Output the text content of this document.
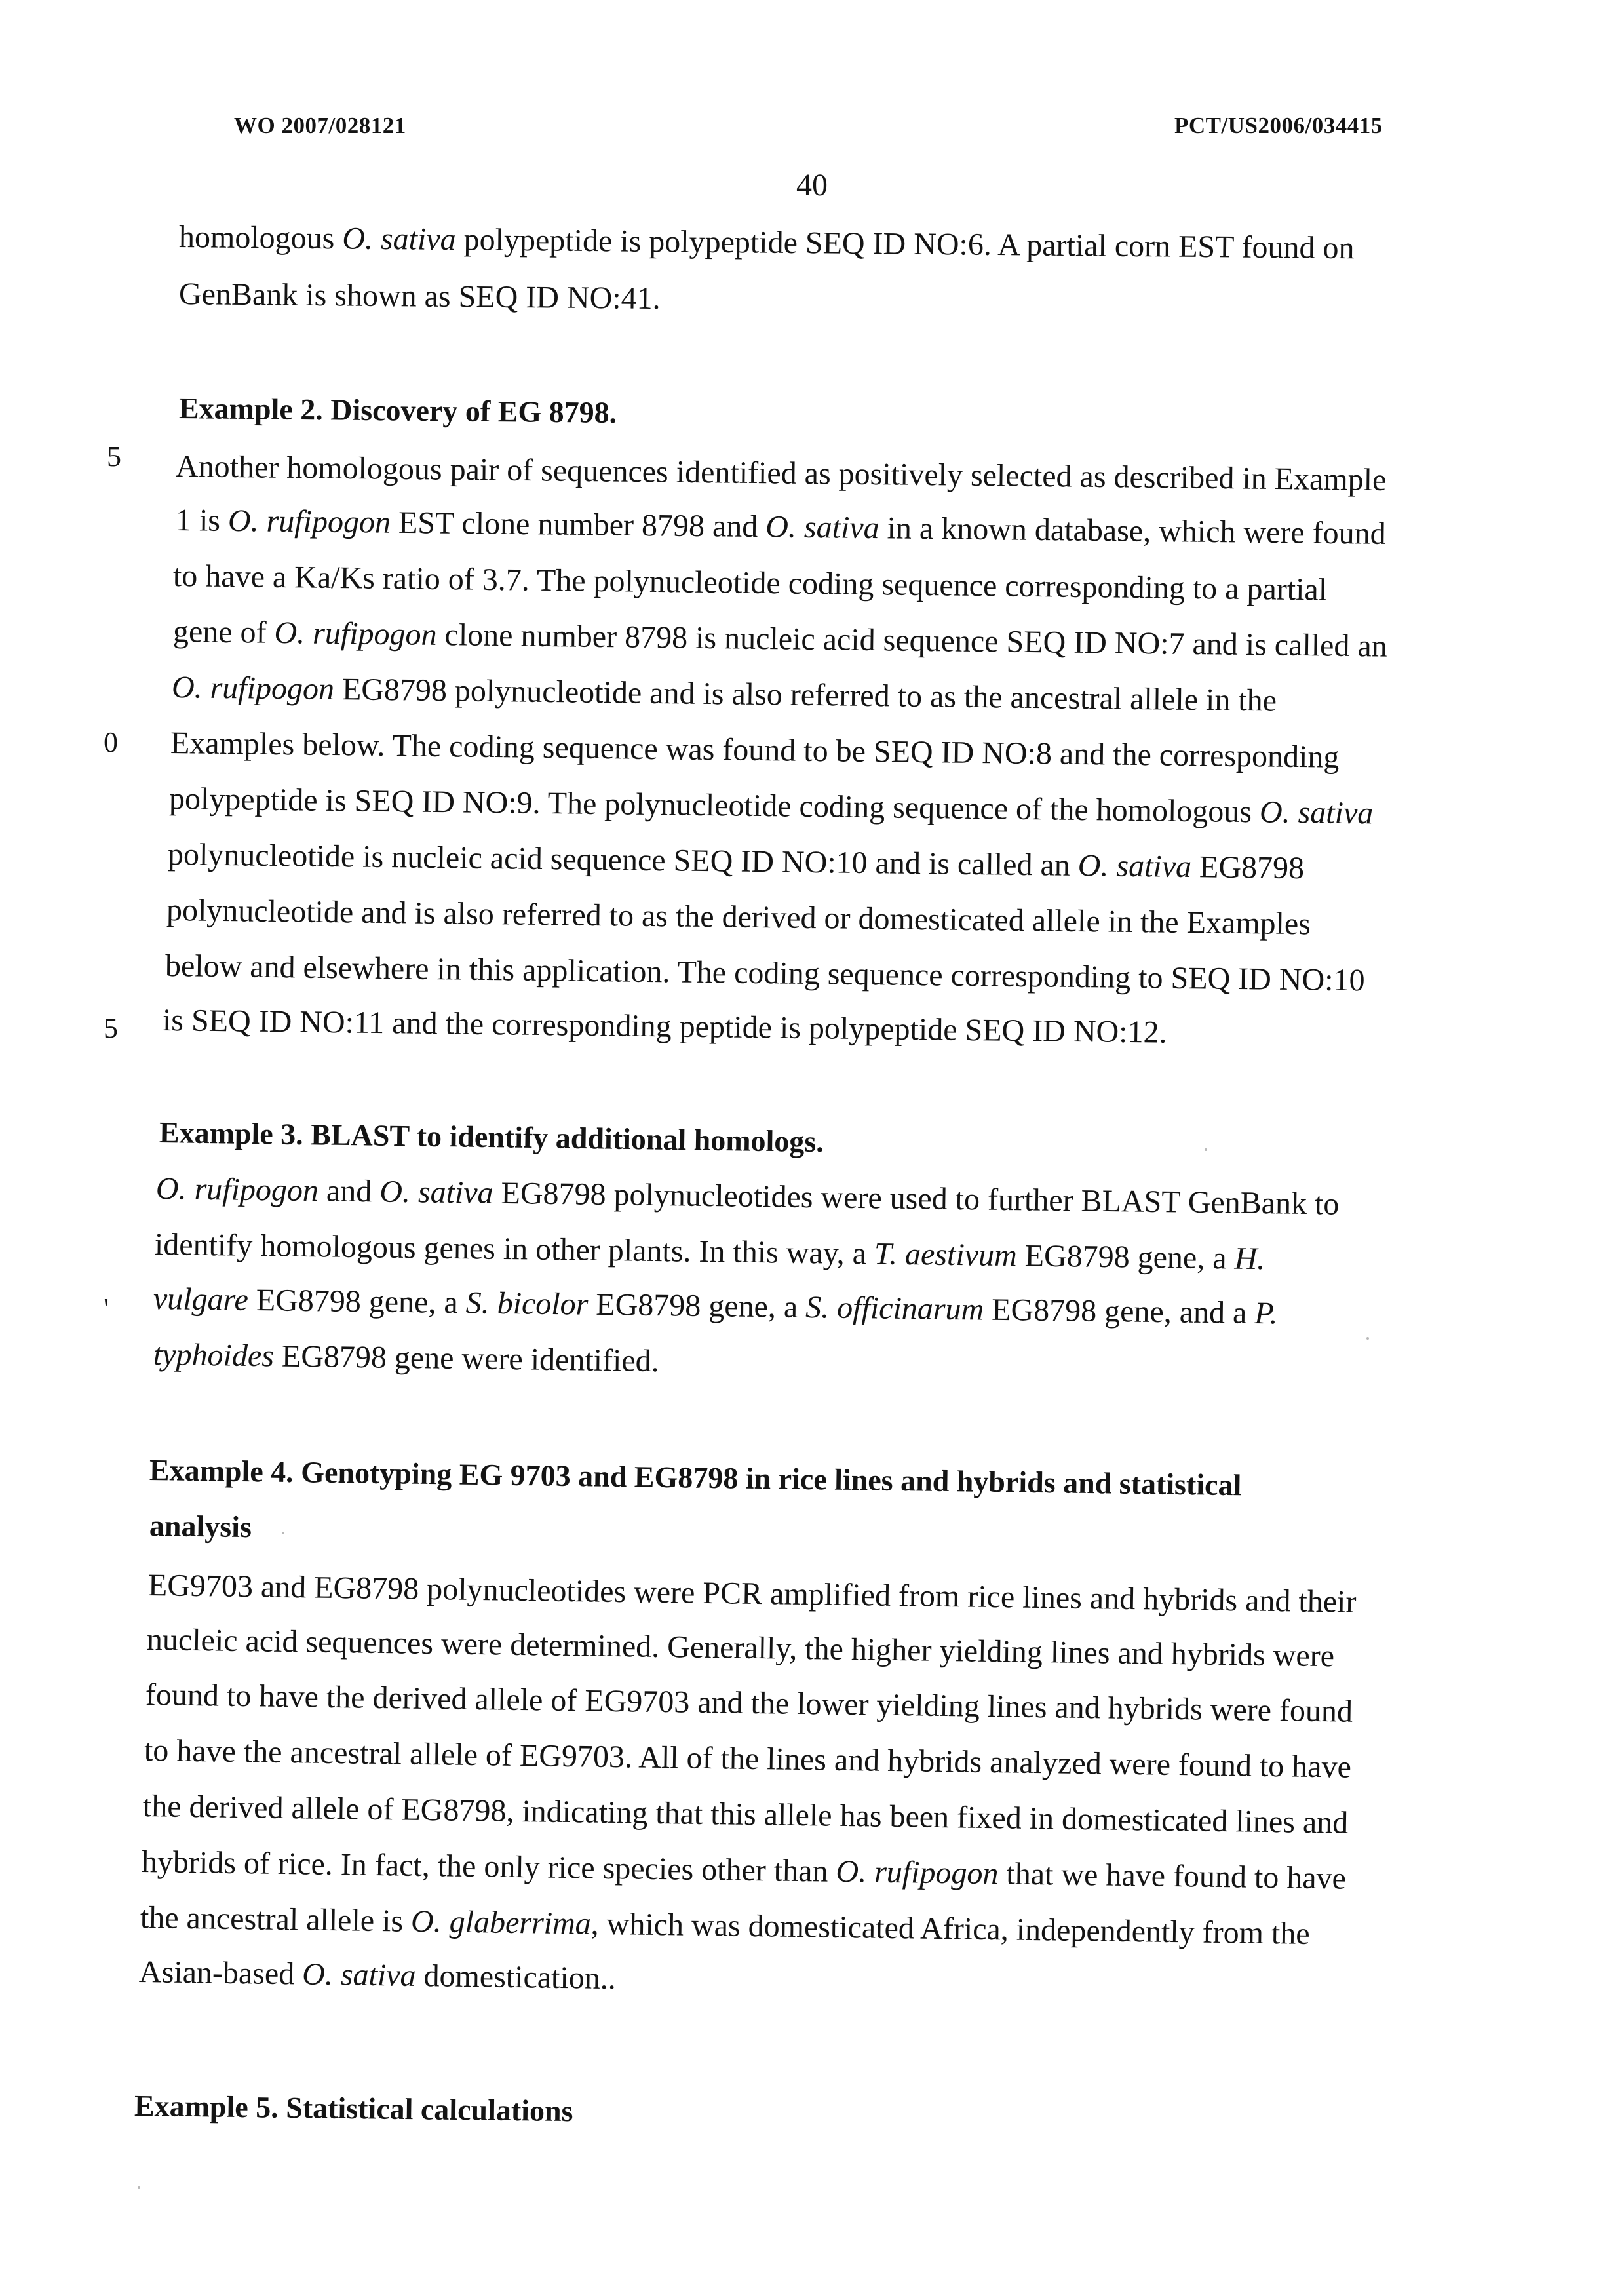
WO 2007/028121	PCT/US2006/034415
40
5
0
5
'
homologous O. sativa polypeptide is polypeptide SEQ ID NO:6. A partial corn EST found on
GenBank is shown as SEQ ID NO:41.
Example 2. Discovery of EG 8798.
Another homologous pair of sequences identified as positively selected as described in Example
1 is O. rufipogon EST clone number 8798 and O. sativa in a known database, which were found
to have a Ka/Ks ratio of 3.7. The polynucleotide coding sequence corresponding to a partial
gene of O. rufipogon clone number 8798 is nucleic acid sequence SEQ ID NO:7 and is called an
O. rufipogon EG8798 polynucleotide and is also referred to as the ancestral allele in the
Examples below. The coding sequence was found to be SEQ ID NO:8 and the corresponding
polypeptide is SEQ ID NO:9. The polynucleotide coding sequence of the homologous O. sativa
polynucleotide is nucleic acid sequence SEQ ID NO:10 and is called an O. sativa EG8798
polynucleotide and is also referred to as the derived or domesticated allele in the Examples
below and elsewhere in this application. The coding sequence corresponding to SEQ ID NO:10
is SEQ ID NO:11 and the corresponding peptide is polypeptide SEQ ID NO:12.
Example 3. BLAST to identify additional homologs.
O. rufipogon and O. sativa EG8798 polynucleotides were used to further BLAST GenBank to
identify homologous genes in other plants. In this way, a T. aestivum EG8798 gene, a H.
vulgare EG8798 gene, a S. bicolor EG8798 gene, a S. officinarum EG8798 gene, and a P.
typhoides EG8798 gene were identified.
Example 4. Genotyping EG 9703 and EG8798 in rice lines and hybrids and statistical
analysis
EG9703 and EG8798 polynucleotides were PCR amplified from rice lines and hybrids and their
nucleic acid sequences were determined. Generally, the higher yielding lines and hybrids were
found to have the derived allele of EG9703 and the lower yielding lines and hybrids were found
to have the ancestral allele of EG9703. All of the lines and hybrids analyzed were found to have
the derived allele of EG8798, indicating that this allele has been fixed in domesticated lines and
hybrids of rice. In fact, the only rice species other than O. rufipogon that we have found to have
the ancestral allele is O. glaberrima, which was domesticated Africa, independently from the
Asian-based O. sativa domestication..
Example 5. Statistical calculations
